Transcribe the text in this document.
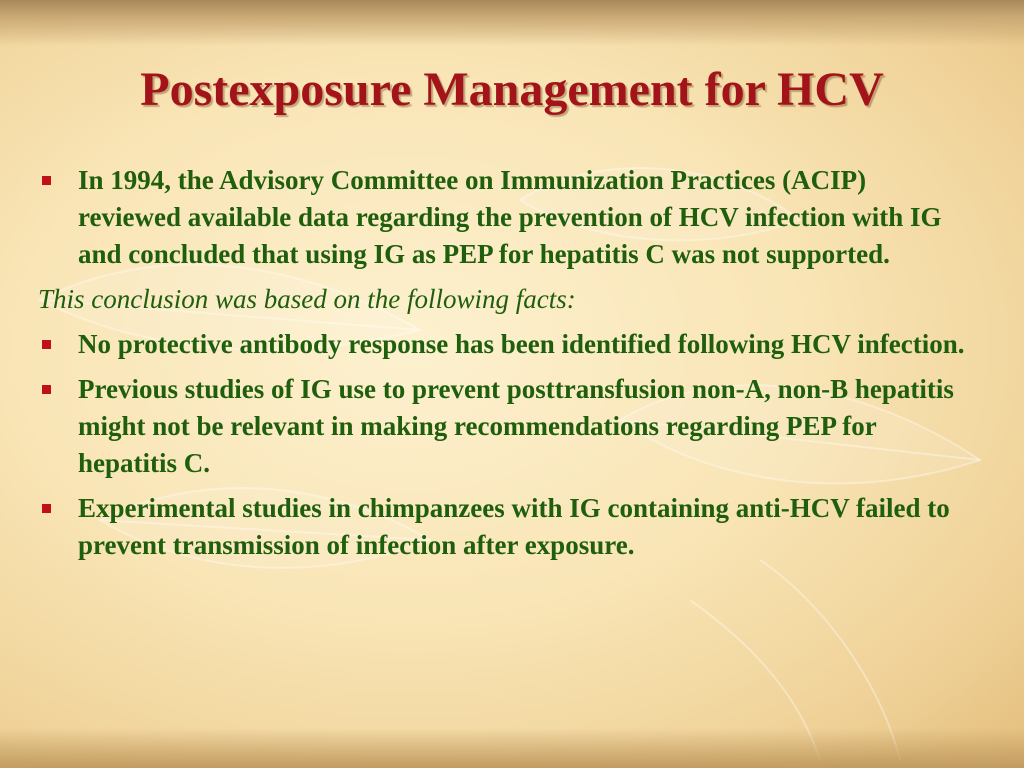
Postexposure Management for HCV
In 1994, the Advisory Committee on Immunization Practices (ACIP) reviewed available data regarding the prevention of HCV infection with IG and concluded that using IG as PEP for hepatitis C was not supported.

This conclusion was based on the following facts:

No protective antibody response has been identified following HCV infection.
Previous studies of IG use to prevent posttransfusion non-A, non-B hepatitis might not be relevant in making recommendations regarding PEP for hepatitis C.
Experimental studies in chimpanzees with IG containing anti-HCV failed to prevent transmission of infection after exposure.
